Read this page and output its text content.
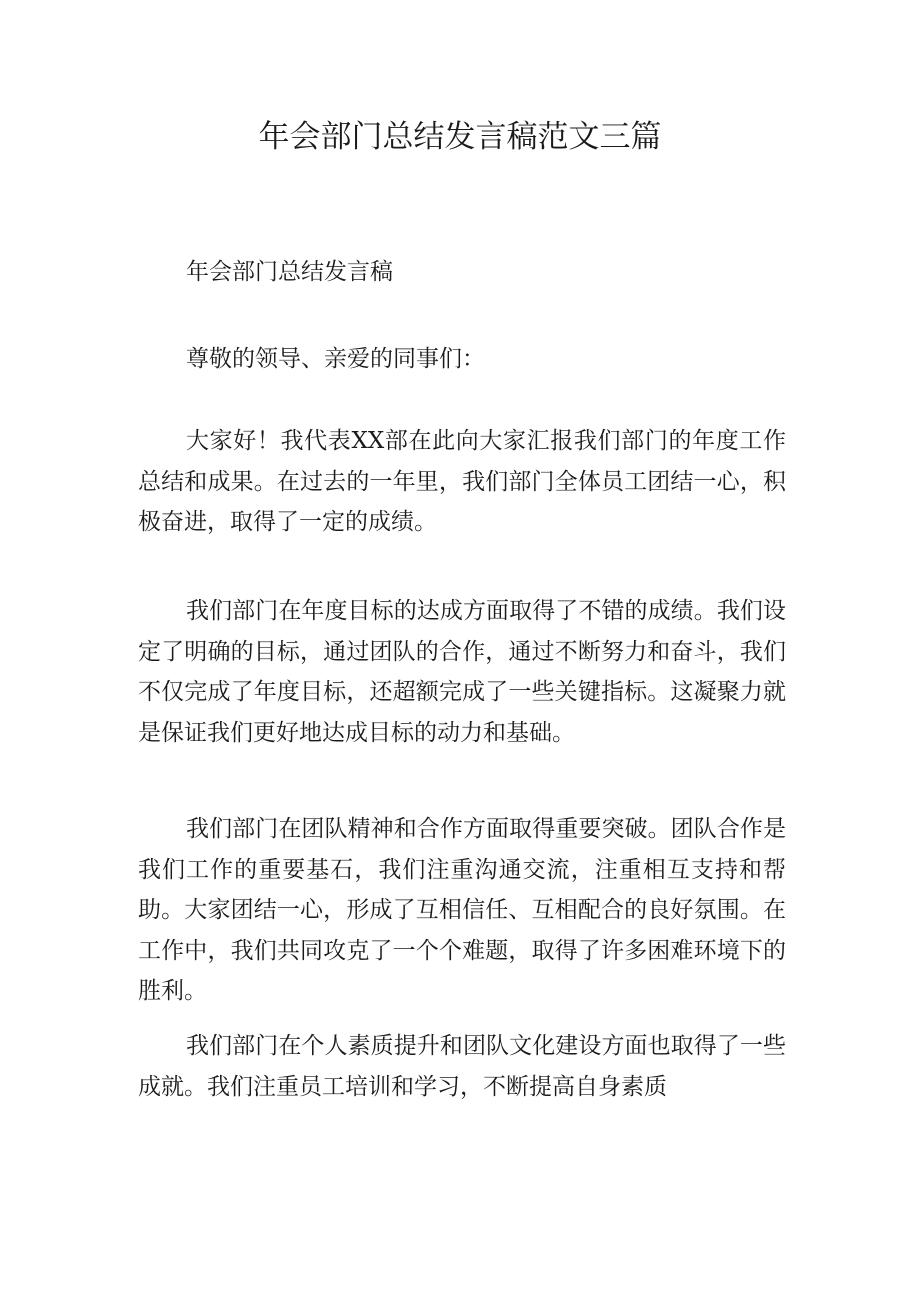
年会部门总结发言稿范文三篇

年会部门总结发言稿

尊敬的领导、亲爱的同事们：

大家好！我代表XX部在此向大家汇报我们部门的年度工作总结和成果。在过去的一年里，我们部门全体员工团结一心，积极奋进，取得了一定的成绩。

我们部门在年度目标的达成方面取得了不错的成绩。我们设定了明确的目标，通过团队的合作，通过不断努力和奋斗，我们不仅完成了年度目标，还超额完成了一些关键指标。这凝聚力就是保证我们更好地达成目标的动力和基础。

我们部门在团队精神和合作方面取得重要突破。团队合作是我们工作的重要基石，我们注重沟通交流，注重相互支持和帮助。大家团结一心，形成了互相信任、互相配合的良好氛围。在工作中，我们共同攻克了一个个难题，取得了许多困难环境下的胜利。

我们部门在个人素质提升和团队文化建设方面也取得了一些成就。我们注重员工培训和学习，不断提高自身素质
